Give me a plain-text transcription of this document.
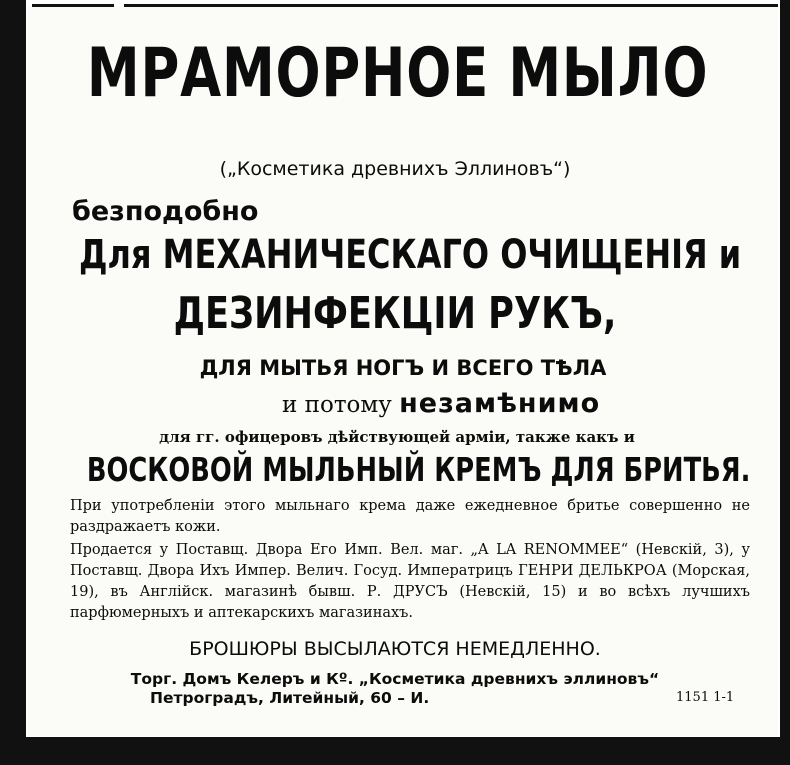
МРАМОРНОЕ МЫЛО
(„Косметика древнихъ Эллиновъ“)
безподобно
Для МЕХАНИЧЕСКАГО ОЧИЩЕНІЯ и
ДЕЗИНФЕКЦІИ РУКЪ,
ДЛЯ МЫТЬЯ НОГЪ И ВСЕГО ТѢЛА
и потому незамѣнимо
для гг. офицеровъ дѣйствующей арміи, также какъ и
ВОСКОВОЙ МЫЛЬНЫЙ КРЕМЪ ДЛЯ БРИТЬЯ.
При употребленіи этого мыльнаго крема даже ежедневное бритье совершенно не раздражаетъ кожи.
Продается у Поставщ. Двора Его Имп. Вел. маг. „A LA RENOMMEE“ (Невскій, 3), у Поставщ. Двора Ихъ Импер. Велич. Госуд. Императрицъ ГЕНРИ ДЕЛЬКРОА (Морская, 19), въ Англійск. магазинѣ бывш. Р. ДРУСЪ (Невскій, 15) и во всѣхъ лучшихъ парфюмерныхъ и аптекарскихъ магазинахъ.
БРОШЮРЫ ВЫСЫЛАЮТСЯ НЕМЕДЛЕННО.
Торг. Домъ Келеръ и Кº. „Косметика древнихъ эллиновъ“
Петроградъ, Литейный, 60 – И.	1151 1-1
